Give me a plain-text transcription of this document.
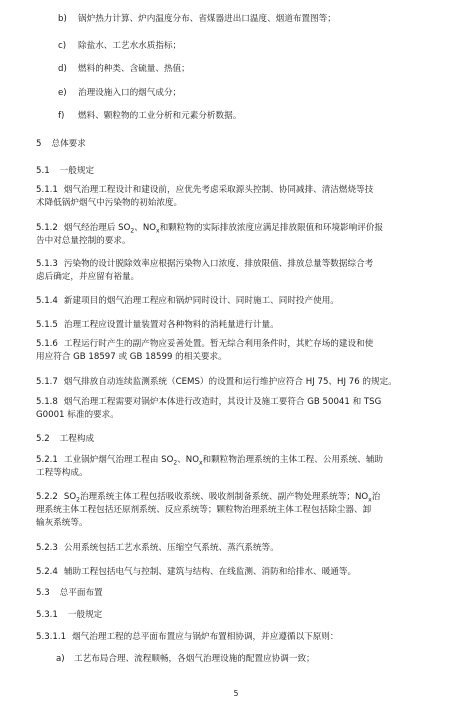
b) 锅炉热力计算、炉内温度分布、省煤器进出口温度、烟道布置图等；
c) 除盐水、工艺水水质指标；
d) 燃料的种类、含硫量、热值；
e) 治理设施入口的烟气成分；
f) 燃料、颗粒物的工业分析和元素分析数据。
5 总体要求
5.1 一般规定
5.1.1 烟气治理工程设计和建设前，应优先考虑采取源头控制、协同减排、清洁燃烧等技
术降低锅炉烟气中污染物的初始浓度。
5.1.2 烟气经治理后 $SO_2$、$NO_x$和颗粒物的实际排放浓度应满足排放限值和环境影响评价报
告中对总量控制的要求。
5.1.3 污染物的设计脱除效率应根据污染物入口浓度、排放限值、排放总量等数据综合考
虑后确定，并应留有裕量。
5.1.4 新建项目的烟气治理工程应和锅炉同时设计、同时施工、同时投产使用。
5.1.5 治理工程应设置计量装置对各种物料的消耗量进行计量。
5.1.6 工程运行时产生的副产物应妥善处置。暂无综合利用条件时，其贮存场的建设和使
用应符合 GB 18597 或 GB 18599 的相关要求。
5.1.7 烟气排放自动连续监测系统（CEMS）的设置和运行维护应符合 HJ 75、HJ 76 的规定。
5.1.8 烟气治理工程需要对锅炉本体进行改造时，其设计及施工要符合 GB 50041 和 TSG
G0001 标准的要求。
5.2 工程构成
5.2.1 工业锅炉烟气治理工程由 $SO_2$、$NO_x$和颗粒物治理系统的主体工程、公用系统、辅助
工程等构成。
5.2.2 $SO_2$治理系统主体工程包括吸收系统、吸收剂制备系统、副产物处理系统等；$NO_x$治
理系统主体工程包括还原剂系统、反应系统等；颗粒物治理系统主体工程包括除尘器、卸
输灰系统等。
5.2.3 公用系统包括工艺水系统、压缩空气系统、蒸汽系统等。
5.2.4 辅助工程包括电气与控制、建筑与结构、在线监测、消防和给排水、暖通等。
5.3 总平面布置
5.3.1 一般规定
5.3.1.1 烟气治理工程的总平面布置应与锅炉布置相协调，并应遵循以下原则：
a) 工艺布局合理、流程顺畅，各烟气治理设施的配置应协调一致；
5
